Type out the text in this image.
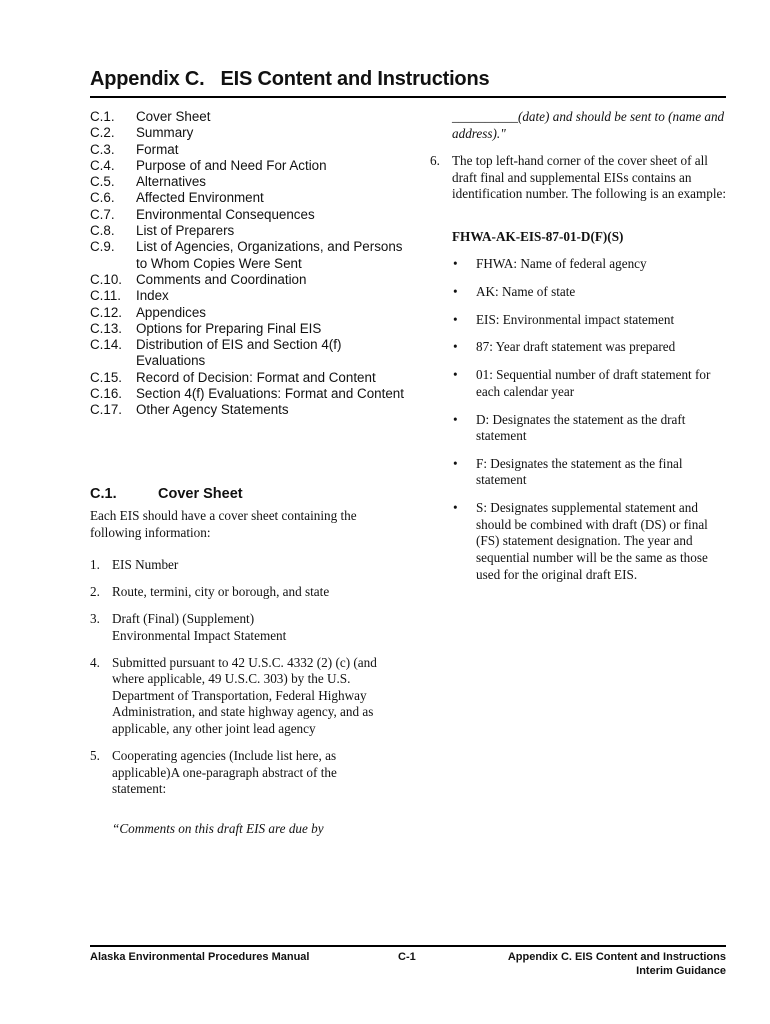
Appendix C.   EIS Content and Instructions
C.1.	Cover Sheet
C.2.	Summary
C.3.	Format
C.4.	Purpose of and Need For Action
C.5.	Alternatives
C.6.	Affected Environment
C.7.	Environmental Consequences
C.8.	List of Preparers
C.9.	List of Agencies, Organizations, and Persons to Whom Copies Were Sent
C.10.	Comments and Coordination
C.11.	Index
C.12.	Appendices
C.13.	Options for Preparing Final EIS
C.14.	Distribution of EIS and Section 4(f) Evaluations
C.15.	Record of Decision: Format and Content
C.16.	Section 4(f) Evaluations: Format and Content
C.17.	Other Agency Statements
C.1.	Cover Sheet
Each EIS should have a cover sheet containing the following information:
1. EIS Number
2. Route, termini, city or borough, and state
3. Draft (Final) (Supplement) Environmental Impact Statement
4. Submitted pursuant to 42 U.S.C. 4332 (2) (c) (and where applicable, 49 U.S.C. 303) by the U.S. Department of Transportation, Federal Highway Administration, and state highway agency, and as applicable, any other joint lead agency
5. Cooperating agencies (Include list here, as applicable)A one-paragraph abstract of the statement:
“Comments on this draft EIS are due by
__________(date) and should be sent to (name and address)."
6. The top left-hand corner of the cover sheet of all draft final and supplemental EISs contains an identification number. The following is an example:
FHWA-AK-EIS-87-01-D(F)(S)
•	FHWA: Name of federal agency
•	AK: Name of state
•	EIS: Environmental impact statement
•	87: Year draft statement was prepared
•	01: Sequential number of draft statement for each calendar year
•	D: Designates the statement as the draft statement
•	F: Designates the statement as the final statement
•	S: Designates supplemental statement and should be combined with draft (DS) or final (FS) statement designation. The year and sequential number will be the same as those used for the original draft EIS.
Alaska Environmental Procedures Manual	C-1	Appendix C. EIS Content and Instructions
Interim Guidance
